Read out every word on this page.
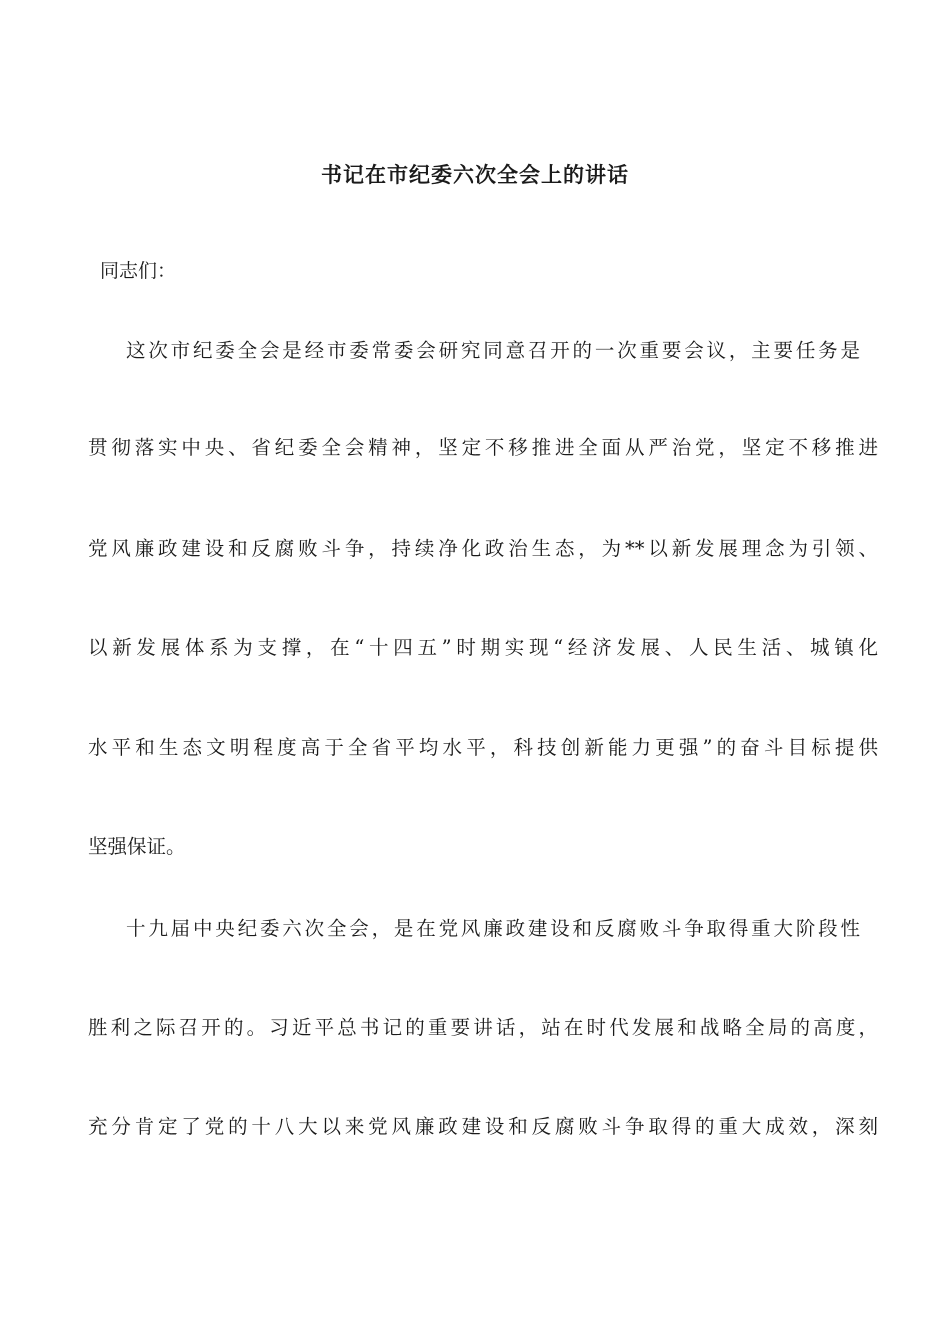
书记在市纪委六次全会上的讲话
同志们：
这次市纪委全会是经市委常委会研究同意召开的一次重要会议，主要任务是
贯彻落实中央、省纪委全会精神，坚定不移推进全面从严治党，坚定不移推进
党风廉政建设和反腐败斗争，持续净化政治生态，为**以新发展理念为引领、
以新发展体系为支撑，在“十四五”时期实现“经济发展、人民生活、城镇化
水平和生态文明程度高于全省平均水平，科技创新能力更强”的奋斗目标提供
坚强保证。
十九届中央纪委六次全会，是在党风廉政建设和反腐败斗争取得重大阶段性
胜利之际召开的。习近平总书记的重要讲话，站在时代发展和战略全局的高度，
充分肯定了党的十八大以来党风廉政建设和反腐败斗争取得的重大成效，深刻
